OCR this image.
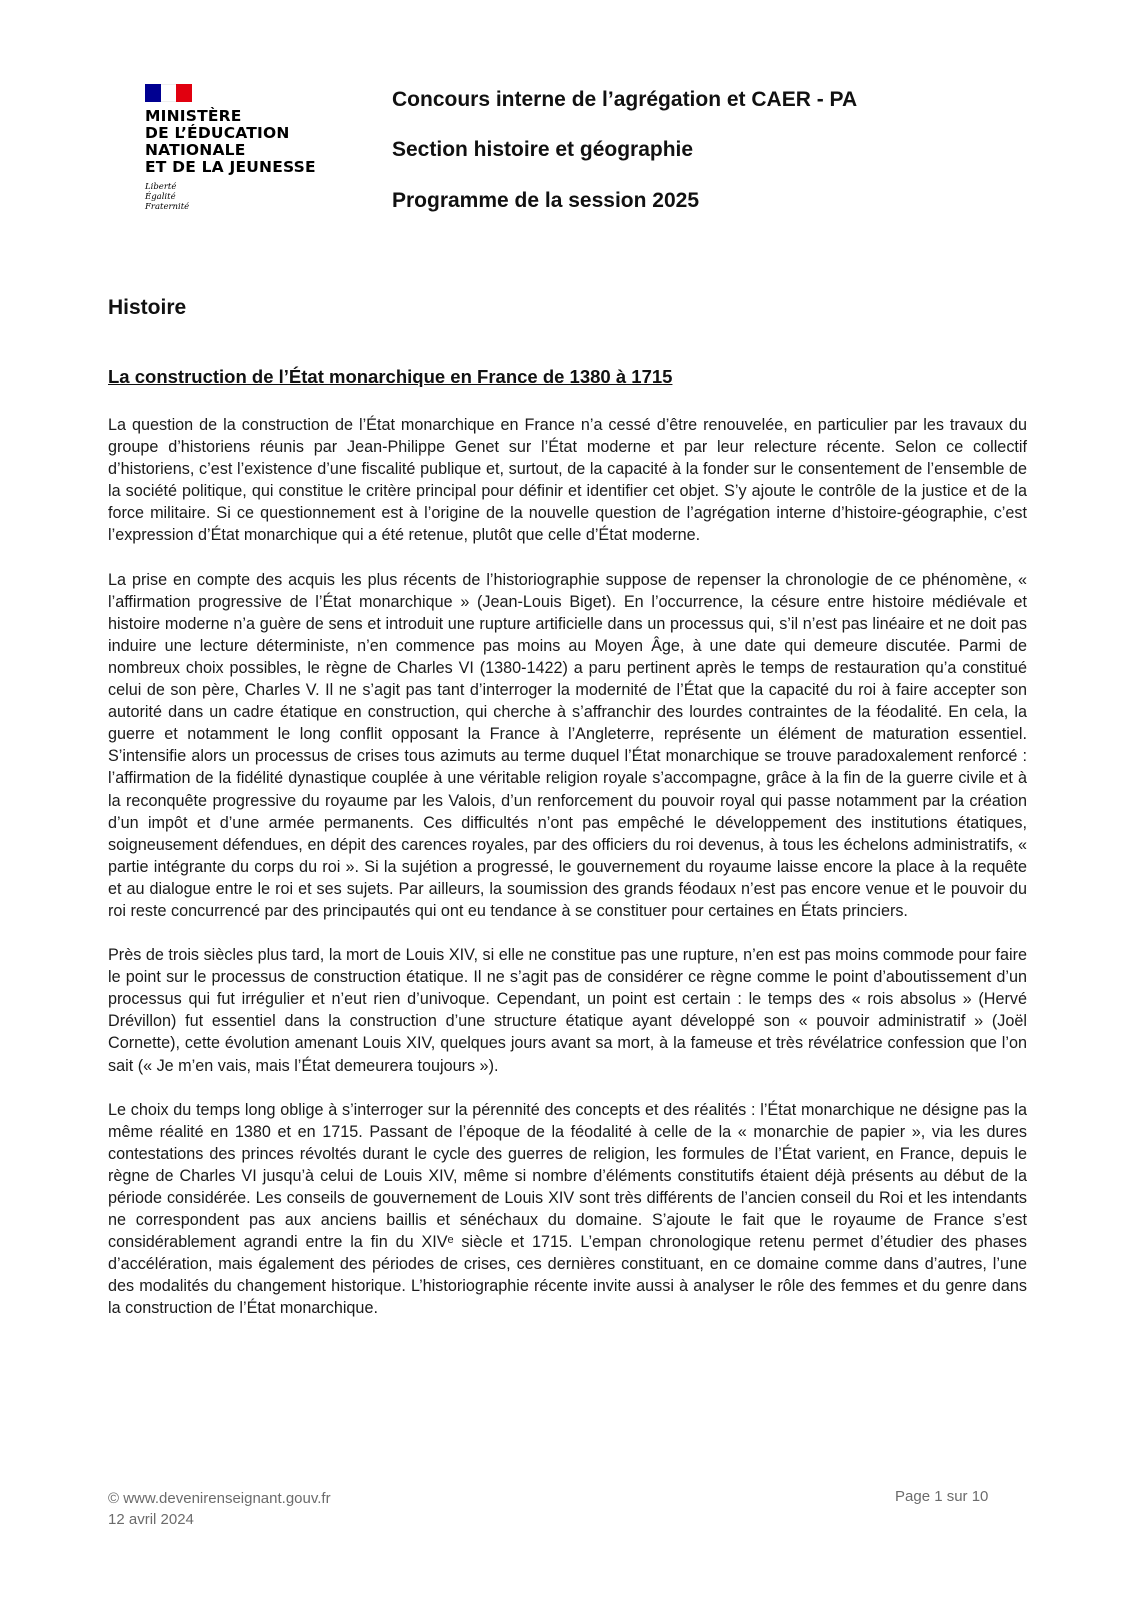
MINISTÈRE
DE L’ÉDUCATION
NATIONALE
ET DE LA JEUNESSE
Liberté
Égalité
Fraternité
Concours interne de l’agrégation et CAER - PA
Section histoire et géographie
Programme de la session 2025
Histoire
La construction de l’État monarchique en France de 1380 à 1715

La question de la construction de l’État monarchique en France n’a cessé d’être renouvelée, en particulier par les travaux du groupe d’historiens réunis par Jean-Philippe Genet sur l’État moderne et par leur relecture récente. Selon ce collectif d’historiens, c’est l’existence d’une fiscalité publique et, surtout, de la capacité à la fonder sur le consentement de l’ensemble de la société politique, qui constitue le critère principal pour définir et identifier cet objet. S’y ajoute le contrôle de la justice et de la force militaire. Si ce questionnement est à l’origine de la nouvelle question de l’agrégation interne d’histoire-géographie, c’est l’expression d’État monarchique qui a été retenue, plutôt que celle d’État moderne.

La prise en compte des acquis les plus récents de l’historiographie suppose de repenser la chronologie de ce phénomène, « l’affirmation progressive de l’État monarchique » (Jean-Louis Biget). En l’occurrence, la césure entre histoire médiévale et histoire moderne n’a guère de sens et introduit une rupture artificielle dans un processus qui, s’il n’est pas linéaire et ne doit pas induire une lecture déterministe, n’en commence pas moins au Moyen Âge, à une date qui demeure discutée. Parmi de nombreux choix possibles, le règne de Charles VI (1380-1422) a paru pertinent après le temps de restauration qu’a constitué celui de son père, Charles V. Il ne s’agit pas tant d’interroger la modernité de l’État que la capacité du roi à faire accepter son autorité dans un cadre étatique en construction, qui cherche à s’affranchir des lourdes contraintes de la féodalité. En cela, la guerre et notamment le long conflit opposant la France à l’Angleterre, représente un élément de maturation essentiel. S’intensifie alors un processus de crises tous azimuts au terme duquel l’État monarchique se trouve paradoxalement renforcé : l’affirmation de la fidélité dynastique couplée à une véritable religion royale s’accompagne, grâce à la fin de la guerre civile et à la reconquête progressive du royaume par les Valois, d’un renforcement du pouvoir royal qui passe notamment par la création d’un impôt et d’une armée permanents. Ces difficultés n’ont pas empêché le développement des institutions étatiques, soigneusement défendues, en dépit des carences royales, par des officiers du roi devenus, à tous les échelons administratifs, « partie intégrante du corps du roi ». Si la sujétion a progressé, le gouvernement du royaume laisse encore la place à la requête et au dialogue entre le roi et ses sujets. Par ailleurs, la soumission des grands féodaux n’est pas encore venue et le pouvoir du roi reste concurrencé par des principautés qui ont eu tendance à se constituer pour certaines en États princiers.

Près de trois siècles plus tard, la mort de Louis XIV, si elle ne constitue pas une rupture, n’en est pas moins commode pour faire le point sur le processus de construction étatique. Il ne s’agit pas de considérer ce règne comme le point d’aboutissement d’un processus qui fut irrégulier et n’eut rien d’univoque. Cependant, un point est certain : le temps des « rois absolus » (Hervé Drévillon) fut essentiel dans la construction d’une structure étatique ayant développé son « pouvoir administratif » (Joël Cornette), cette évolution amenant Louis XIV, quelques jours avant sa mort, à la fameuse et très révélatrice confession que l’on sait (« Je m’en vais, mais l’État demeurera toujours »).

Le choix du temps long oblige à s’interroger sur la pérennité des concepts et des réalités : l’État monarchique ne désigne pas la même réalité en 1380 et en 1715. Passant de l’époque de la féodalité à celle de la « monarchie de papier », via les dures contestations des princes révoltés durant le cycle des guerres de religion, les formules de l’État varient, en France, depuis le règne de Charles VI jusqu’à celui de Louis XIV, même si nombre d’éléments constitutifs étaient déjà présents au début de la période considérée. Les conseils de gouvernement de Louis XIV sont très différents de l’ancien conseil du Roi et les intendants ne correspondent pas aux anciens baillis et sénéchaux du domaine. S’ajoute le fait que le royaume de France s’est considérablement agrandi entre la fin du XIVᵉ siècle et 1715. L’empan chronologique retenu permet d’étudier des phases d’accélération, mais également des périodes de crises, ces dernières constituant, en ce domaine comme dans d’autres, l’une des modalités du changement historique. L’historiographie récente invite aussi à analyser le rôle des femmes et du genre dans la construction de l’État monarchique.

© www.devenirenseignant.gouv.fr
12 avril 2024
Page 1 sur 10
